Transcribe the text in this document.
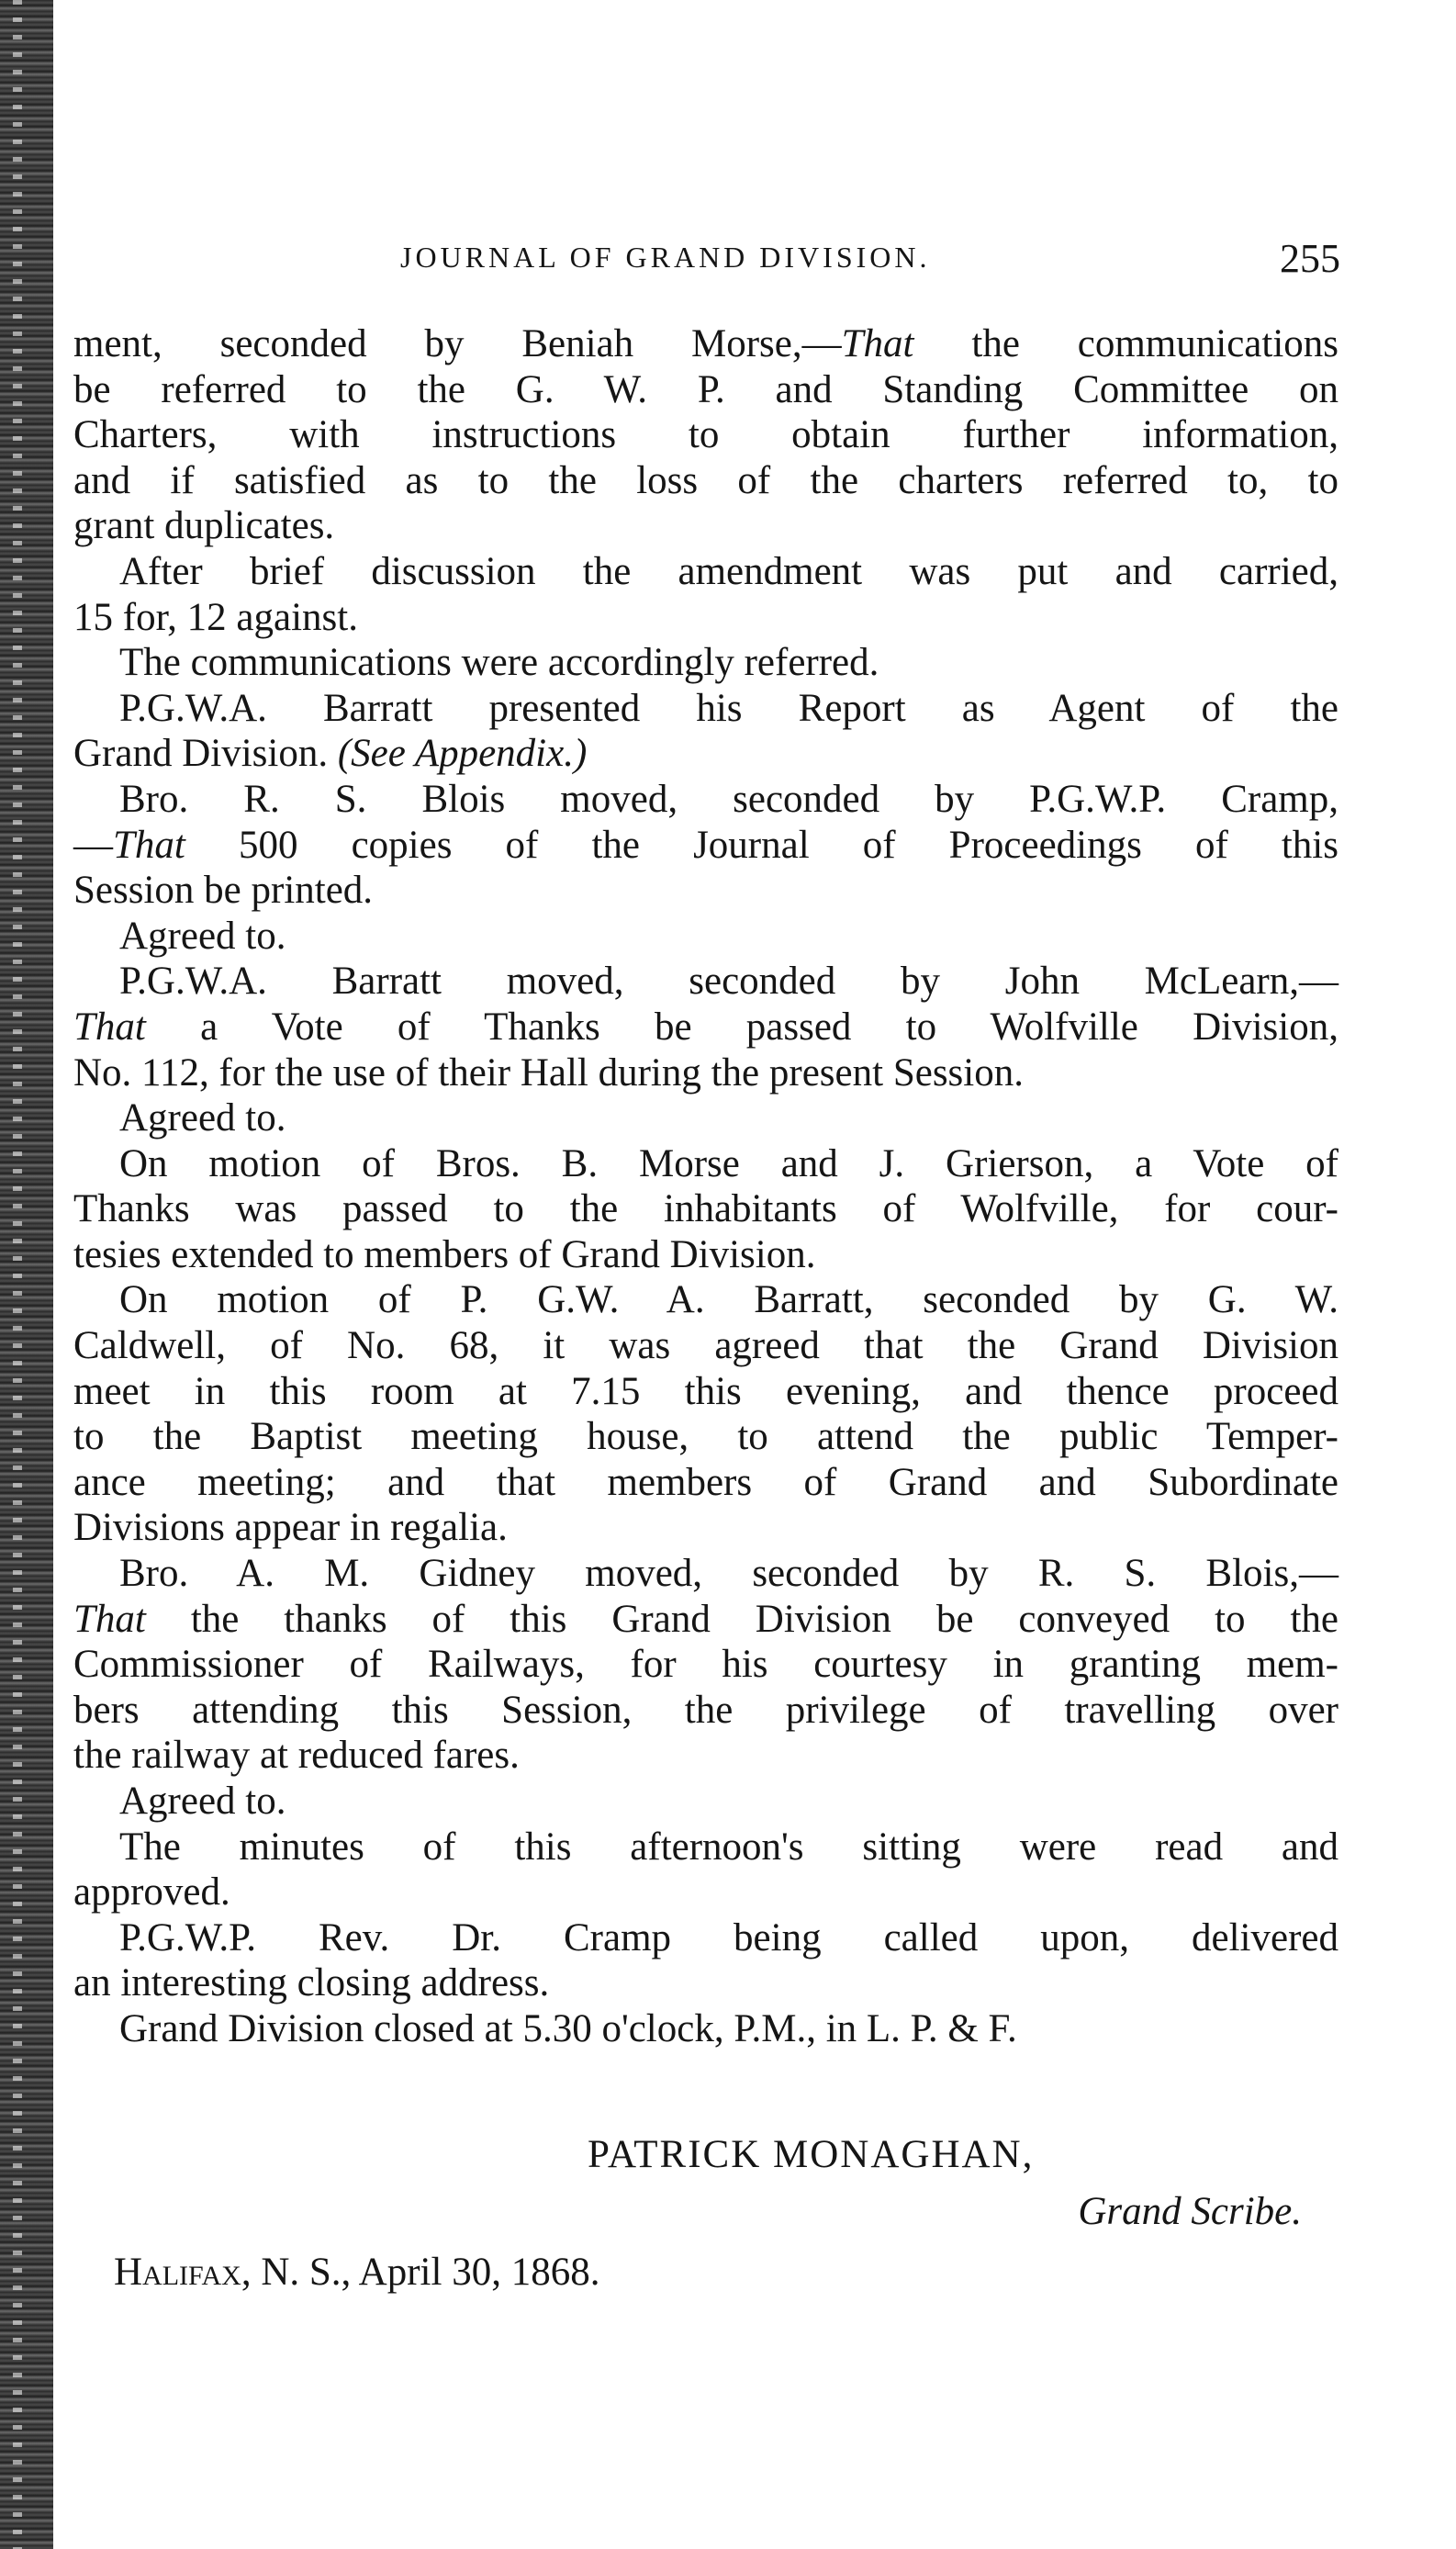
JOURNAL OF GRAND DIVISION.	255
ment, seconded by Beniah Morse,—That the communications
be referred to the G. W. P. and Standing Committee on
Charters, with instructions to obtain further information,
and if satisfied as to the loss of the charters referred to, to
grant duplicates.
After brief discussion the amendment was put and carried,
15 for, 12 against.
The communications were accordingly referred.
P.G.W.A. Barratt presented his Report as Agent of the
Grand Division. (See Appendix.)
Bro. R. S. Blois moved, seconded by P.G.W.P. Cramp,
—That 500 copies of the Journal of Proceedings of this
Session be printed.
Agreed to.
P.G.W.A. Barratt moved, seconded by John McLearn,—
That a Vote of Thanks be passed to Wolfville Division,
No. 112, for the use of their Hall during the present Session.
Agreed to.
On motion of Bros. B. Morse and J. Grierson, a Vote of
Thanks was passed to the inhabitants of Wolfville, for cour-
tesies extended to members of Grand Division.
On motion of P. G.W. A. Barratt, seconded by G. W.
Caldwell, of No. 68, it was agreed that the Grand Division
meet in this room at 7.15 this evening, and thence proceed
to the Baptist meeting house, to attend the public Temper-
ance meeting; and that members of Grand and Subordinate
Divisions appear in regalia.
Bro. A. M. Gidney moved, seconded by R. S. Blois,—
That the thanks of this Grand Division be conveyed to the
Commissioner of Railways, for his courtesy in granting mem-
bers attending this Session, the privilege of travelling over
the railway at reduced fares.
Agreed to.
The minutes of this afternoon's sitting were read and
approved.
P.G.W.P. Rev. Dr. Cramp being called upon, delivered
an interesting closing address.
Grand Division closed at 5.30 o'clock, P.M., in L. P. & F.
PATRICK MONAGHAN,
Grand Scribe.
Halifax, N. S., April 30, 1868.
